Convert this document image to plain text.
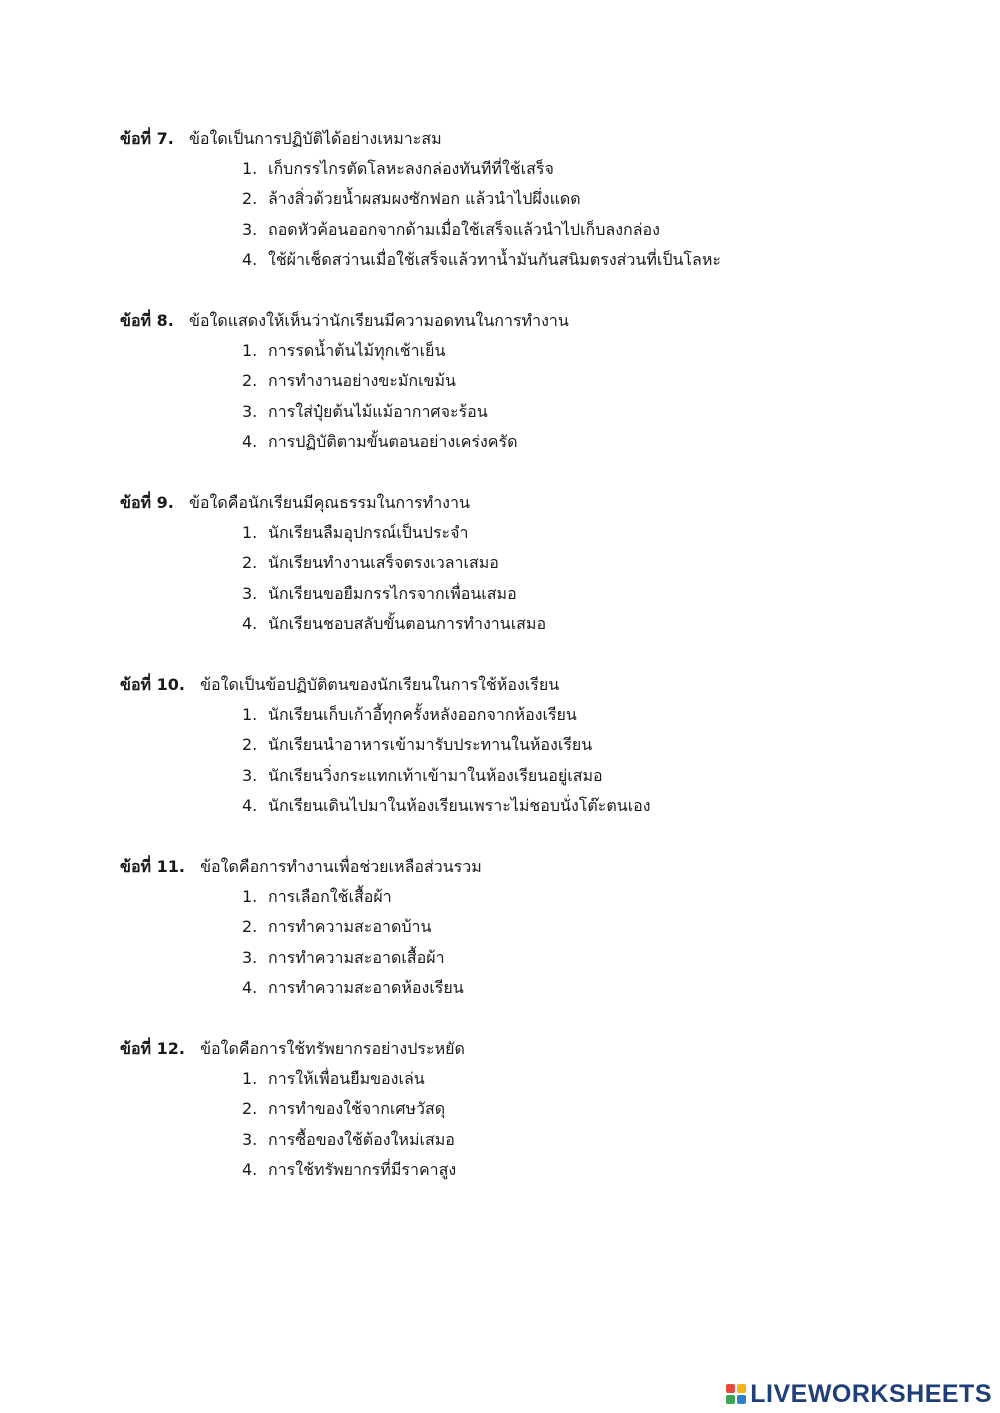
ข้อที่ 7. ข้อใดเป็นการปฏิบัติได้อย่างเหมาะสม
1. เก็บกรรไกรตัดโลหะลงกล่องทันทีที่ใช้เสร็จ
2. ล้างสิ่วด้วยน้ำผสมผงซักฟอก แล้วนำไปผึ่งแดด
3. ถอดหัวค้อนออกจากด้ามเมื่อใช้เสร็จแล้วนำไปเก็บลงกล่อง
4. ใช้ผ้าเช็ดสว่านเมื่อใช้เสร็จแล้วทาน้ำมันกันสนิมตรงส่วนที่เป็นโลหะ
ข้อที่ 8. ข้อใดแสดงให้เห็นว่านักเรียนมีความอดทนในการทำงาน
1. การรดน้ำต้นไม้ทุกเช้าเย็น
2. การทำงานอย่างขะมักเขม้น
3. การใส่ปุ๋ยต้นไม้แม้อากาศจะร้อน
4. การปฏิบัติตามขั้นตอนอย่างเคร่งครัด
ข้อที่ 9. ข้อใดคือนักเรียนมีคุณธรรมในการทำงาน
1. นักเรียนลืมอุปกรณ์เป็นประจำ
2. นักเรียนทำงานเสร็จตรงเวลาเสมอ
3. นักเรียนขอยืมกรรไกรจากเพื่อนเสมอ
4. นักเรียนชอบสลับขั้นตอนการทำงานเสมอ
ข้อที่ 10. ข้อใดเป็นข้อปฏิบัติตนของนักเรียนในการใช้ห้องเรียน
1. นักเรียนเก็บเก้าอี้ทุกครั้งหลังออกจากห้องเรียน
2. นักเรียนนำอาหารเข้ามารับประทานในห้องเรียน
3. นักเรียนวิ่งกระแทกเท้าเข้ามาในห้องเรียนอยู่เสมอ
4. นักเรียนเดินไปมาในห้องเรียนเพราะไม่ชอบนั่งโต๊ะตนเอง
ข้อที่ 11. ข้อใดคือการทำงานเพื่อช่วยเหลือส่วนรวม
1. การเลือกใช้เสื้อผ้า
2. การทำความสะอาดบ้าน
3. การทำความสะอาดเสื้อผ้า
4. การทำความสะอาดห้องเรียน
ข้อที่ 12. ข้อใดคือการใช้ทรัพยากรอย่างประหยัด
1. การให้เพื่อนยืมของเล่น
2. การทำของใช้จากเศษวัสดุ
3. การซื้อของใช้ต้องใหม่เสมอ
4. การใช้ทรัพยากรที่มีราคาสูง
LIVEWORKSHEETS
